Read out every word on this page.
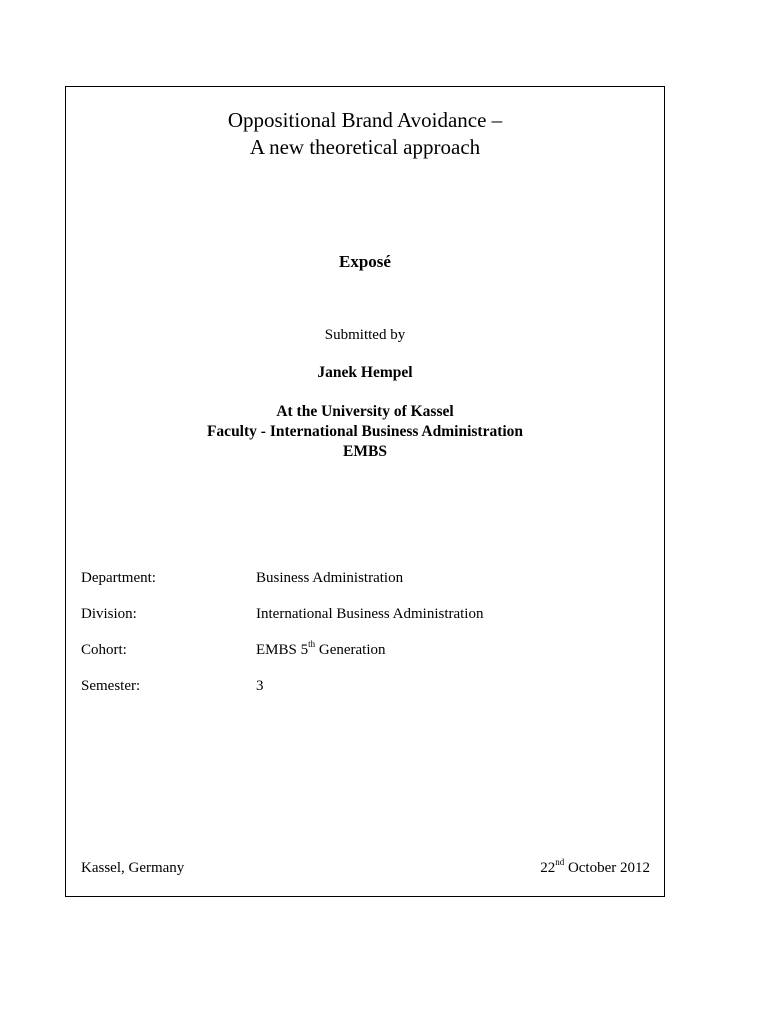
Oppositional Brand Avoidance –
A new theoretical approach
Exposé
Submitted by
Janek Hempel
At the University of Kassel
Faculty - International Business Administration
EMBS
Department:	Business Administration
Division:	International Business Administration
Cohort:	EMBS 5th Generation
Semester:	3
Kassel, Germany	22nd October 2012
